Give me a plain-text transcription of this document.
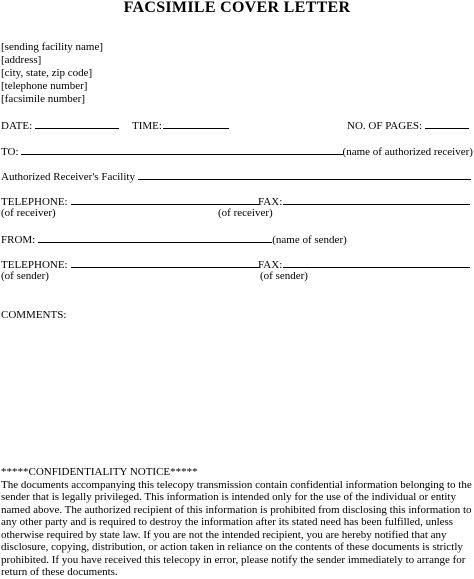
FACSIMILE COVER LETTER
[sending facility name]
[address]
[city, state, zip code]
[telephone number]
[facsimile number]
DATE:	TIME:	NO. OF PAGES:
TO:	(name of authorized receiver)
Authorized Receiver's Facility
TELEPHONE:	FAX:
(of receiver)	(of receiver)
FROM:	(name of sender)
TELEPHONE:	FAX:
(of sender)	(of sender)
COMMENTS:
*****CONFIDENTIALITY NOTICE*****
The documents accompanying this telecopy transmission contain confidential information belonging to the sender that is legally privileged. This information is intended only for the use of the individual or entity named above. The authorized recipient of this information is prohibited from disclosing this information to any other party and is required to destroy the information after its stated need has been fulfilled, unless otherwise required by state law. If you are not the intended recipient, you are hereby notified that any disclosure, copying, distribution, or action taken in reliance on the contents of these documents is strictly prohibited. If you have received this telecopy in error, please notify the sender immediately to arrange for return of these documents.
